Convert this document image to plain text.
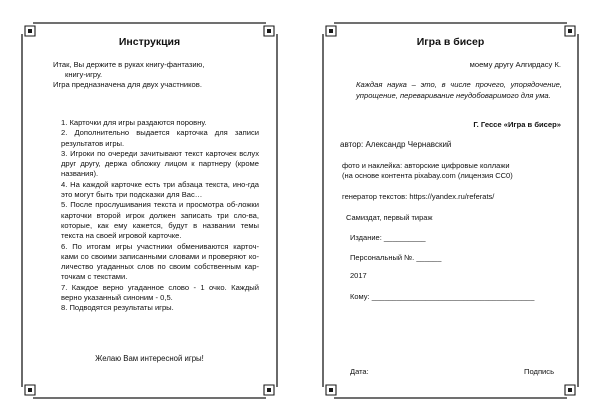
Инструкция
Итак, Вы держите в руках книгу-фантазию,
книгу-игру.
Игра предназначена для двух участников.

1. Карточки для игры раздаются поровну.

2. Дополнительно выдается карточка для записи результатов игры.

3. Игроки по очереди зачитывают текст карточек вслух друг другу, держа обложку лицом к партнеру (кроме названия).

4. На каждой карточке есть три абзаца текста, ино-гда это могут быть три подсказки для Вас…

5. После прослушивания текста и просмотра об-ложки карточки второй игрок должен записать три сло-ва, которые, как ему кажется, будут в названии темы текста на своей игровой карточке.

6. По итогам игры участники обмениваются карточ-ками со своими записанными словами и проверяют ко-личество угаданных слов по своим собственным кар-точкам с текстами.

7. Каждое верно угаданное слово - 1 очко. Каждый верно указанный синоним - 0,5.

8. Подводятся результаты игры.

Желаю Вам интересной игры!
Игра в бисер
моему другу Алгирдасу К.
Каждая наука – это, в числе прочего, упорядочение, упрощение, переваривание неудобоваримого для ума.
Г. Гессе «Игра в бисер»
автор: Александр Чернавский
фото и наклейка: авторские цифровые коллажи
(на основе контента pixabay.com (лицензия CC0)
генератор текстов: https://yandex.ru/referats/
Самиздат, первый тираж
Издание: __________
Персональный №. ______
2017
Кому: _______________________________________
Дата:	Подпись
